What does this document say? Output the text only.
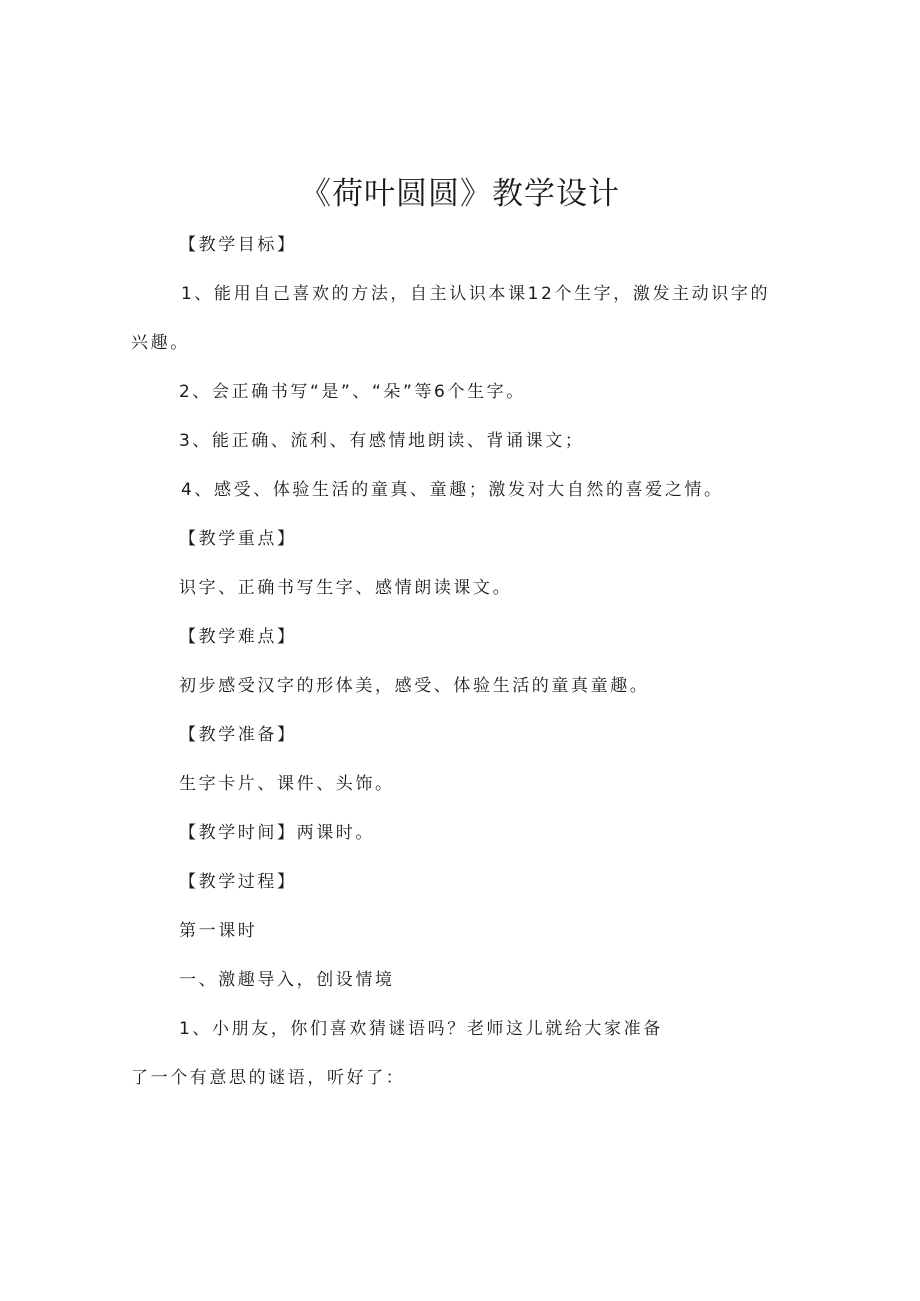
《荷叶圆圆》教学设计
【教学目标】
1、能用自己喜欢的方法，自主认识本课12个生字，激发主动识字的
兴趣。
2、会正确书写“是”、“朵”等6个生字。
3、能正确、流利、有感情地朗读、背诵课文；
4、感受、体验生活的童真、童趣；激发对大自然的喜爱之情。
【教学重点】
识字、正确书写生字、感情朗读课文。
【教学难点】
初步感受汉字的形体美，感受、体验生活的童真童趣。
【教学准备】
生字卡片、课件、头饰。
【教学时间】两课时。
【教学过程】
第一课时
一、激趣导入，创设情境
1、小朋友，你们喜欢猜谜语吗？老师这儿就给大家准备
了一个有意思的谜语，听好了：
